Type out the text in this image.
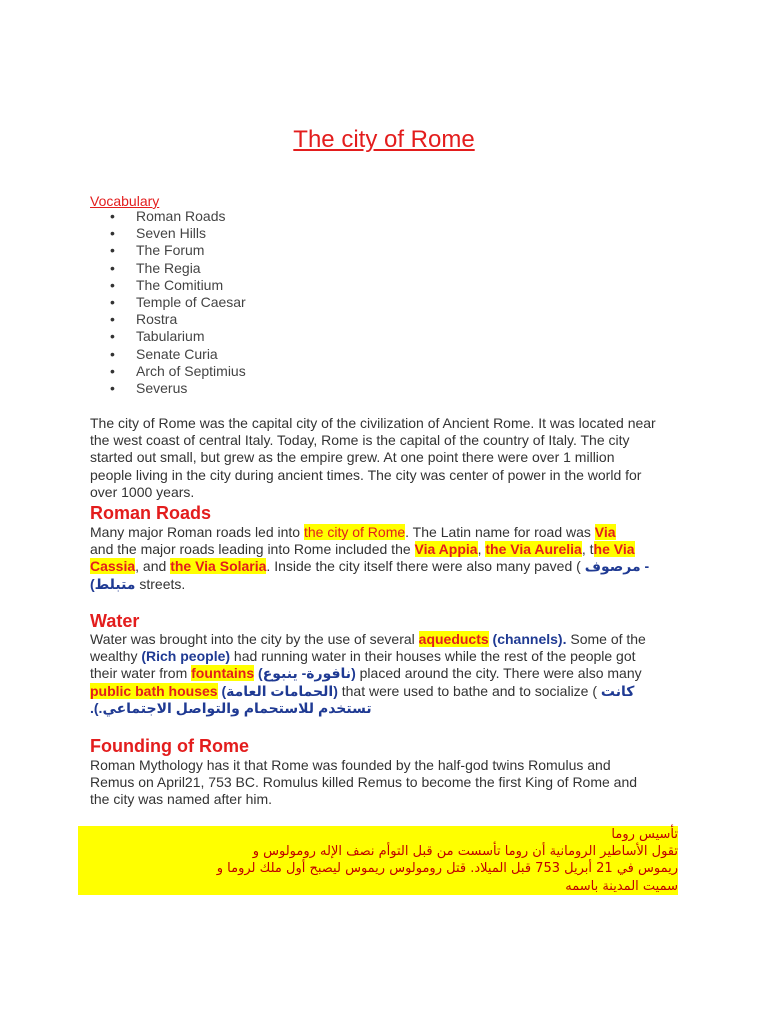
The city of Rome
Vocabulary
• Roman Roads
• Seven Hills
• The Forum
• The Regia
• The Comitium
• Temple of Caesar
• Rostra
• Tabularium
• Senate Curia
• Arch of Septimius
• Severus
The city of Rome was the capital city of the civilization of Ancient Rome. It was located near
the west coast of central Italy. Today, Rome is the capital of the country of Italy. The city
started out small, but grew as the empire grew. At one point there were over 1 million
people living in the city during ancient times. The city was center of power in the world for
over 1000 years.
Roman Roads
Many major Roman roads led into the city of Rome. The Latin name for road was Via
and the major roads leading into Rome included the Via Appia, the Via Aurelia, the Via
Cassia, and the Via Solaria. Inside the city itself there were also many paved ( - مرصوف
متبلط) streets.
Water
Water was brought into the city by the use of several aqueducts (channels). Some of the
wealthy (Rich people) had running water in their houses while the rest of the people got
their water from fountains (نافورة- ينبوع) placed around the city. There were also many
public bath houses (الحمامات العامة) that were used to bathe and to socialize ( كانت
تستخدم للاستحمام والتواصل الاجتماعي.).
Founding of Rome
Roman Mythology has it that Rome was founded by the half-god twins Romulus and
Remus on April21, 753 BC. Romulus killed Remus to become the first King of Rome and
the city was named after him.
تأسيس روما
تقول الأساطير الرومانية أن روما تأسست من قبل التوأم نصف الإله رومولوس و
ريموس في 21 أبريل 753 قبل الميلاد. قتل رومولوس ريموس ليصبح أول ملك لروما و
سميت المدينة باسمه
